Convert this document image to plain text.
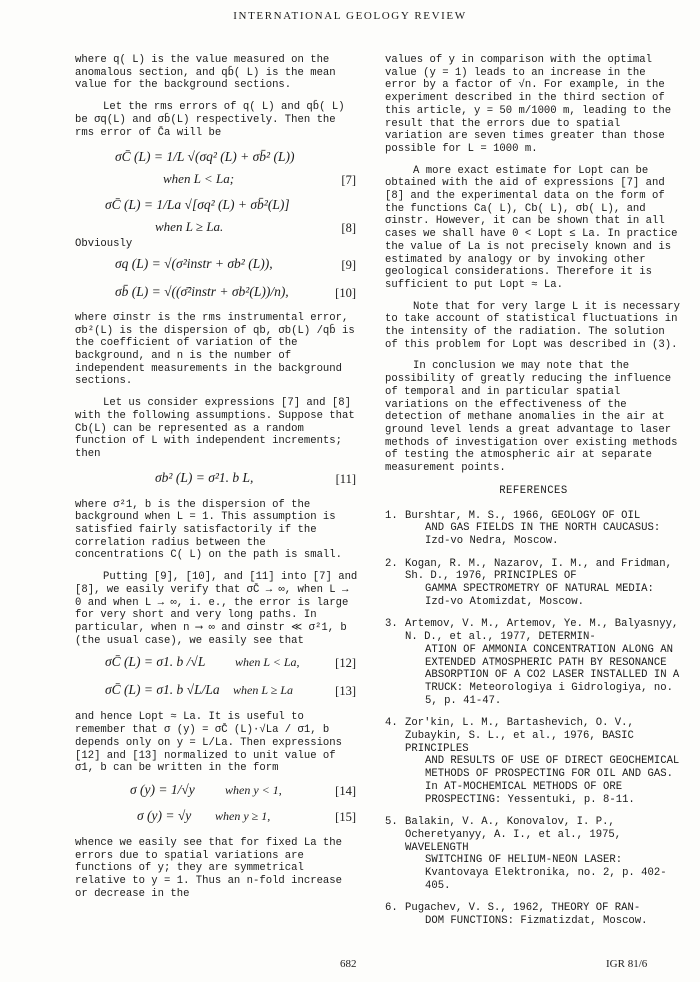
INTERNATIONAL GEOLOGY REVIEW

where q( L) is the value measured on the anomalous section, and qb̄( L) is the mean value for the background sections.

Let the rms errors of q( L) and qb̄( L) be σq(L) and σb̄(L) respectively. Then the rms error of C̄a will be

σC̄ (L) = 1/L √(σq² (L) + σb̄² (L))
when L < La;	[7]
σC̄ (L) = 1/La √[σq² (L) + σb̄²(L)]
when L ≥ La.	[8]

Obviously

σq (L) = √(σ²instr + σb² (L)),	[9]
σb̄ (L) = √((σ̄²instr + σb²(L))/n),	[10]

where σinstr is the rms instrumental error, σb²(L) is the dispersion of qb, σb(L) /qb̄ is the coefficient of variation of the background, and n is the number of independent measurements in the background sections.

Let us consider expressions [7] and [8] with the following assumptions. Suppose that Cb(L) can be represented as a random function of L with independent increments; then

σb² (L) = σ²1. b L,	[11]

where σ²1, b is the dispersion of the background when L = 1. This assumption is satisfied fairly satisfactorily if the correlation radius between the concentrations C( L) on the path is small.

Putting [9], [10], and [11] into [7] and [8], we easily verify that σC̄ → ∞, when L → 0 and when L → ∞, i. e., the error is large for very short and very long paths. In particular, when n ⟶ ∞ and σinstr ≪ σ²1, b (the usual case), we easily see that

σC̄ (L) = σ1. b /√L when L < La,	[12]
σC̄ (L) = σ1. b √L/La when L ≥ La	[13]

and hence Lopt ≈ La. It is useful to remember that σ (y) = σC̄ (L)·√La / σ1, b depends only on y = L/La. Then expressions [12] and [13] normalized to unit value of σ1, b can be written in the form

σ (y) = 1/√y	when y < 1,	[14]
σ (y) = √y when y ≥ 1,	[15]

whence we easily see that for fixed La the errors due to spatial variations are functions of y; they are symmetrical relative to y = 1. Thus an n-fold increase or decrease in the

values of y in comparison with the optimal value (y = 1) leads to an increase in the error by a factor of √n. For example, in the experiment described in the third section of this article, y = 50 m/1000 m, leading to the result that the errors due to spatial variation are seven times greater than those possible for L = 1000 m.

A more exact estimate for Lopt can be obtained with the aid of expressions [7] and [8] and the experimental data on the form of the functions Ca( L), Cb( L), σb( L), and σinstr. However, it can be shown that in all cases we shall have 0 < Lopt ≤ La. In practice the value of La is not precisely known and is estimated by analogy or by invoking other geological considerations. Therefore it is sufficient to put Lopt ≈ La.

Note that for very large L it is necessary to take account of statistical fluctuations in the intensity of the radiation. The solution of this problem for Lopt was described in (3).

In conclusion we may note that the possibility of greatly reducing the influence of temporal and in particular spatial variations on the effectiveness of the detection of methane anomalies in the air at ground level lends a great advantage to laser methods of investigation over existing methods of testing the atmospheric air at separate measurement points.

REFERENCES
1. Burshtar, M. S., 1966, GEOLOGY OF OIL
AND GAS FIELDS IN THE NORTH CAUCASUS: Izd-vo Nedra, Moscow.
2. Kogan, R. M., Nazarov, I. M., and Fridman, Sh. D., 1976, PRINCIPLES OF
GAMMA SPECTROMETRY OF NATURAL MEDIA: Izd-vo Atomizdat, Moscow.
3. Artemov, V. M., Artemov, Ye. M., Balyasnyy, N. D., et al., 1977, DETERMIN-
ATION OF AMMONIA CONCENTRATION ALONG AN EXTENDED ATMOSPHERIC PATH BY RESONANCE ABSORPTION OF A CO2 LASER INSTALLED IN A TRUCK: Meteorologiya i Gidrologiya, no. 5, p. 41-47.
4. Zor'kin, L. M., Bartashevich, O. V., Zubaykin, S. L., et al., 1976, BASIC PRINCIPLES
AND RESULTS OF USE OF DIRECT GEOCHEMICAL METHODS OF PROSPECTING FOR OIL AND GAS. In AT-MOCHEMICAL METHODS OF ORE PROSPECTING: Yessentuki, p. 8-11.
5. Balakin, V. A., Konovalov, I. P., Ocheretyanyy, A. I., et al., 1975, WAVELENGTH
SWITCHING OF HELIUM-NEON LASER: Kvantovaya Elektronika, no. 2, p. 402-405.
6. Pugachev, V. S., 1962, THEORY OF RAN-
DOM FUNCTIONS: Fizmatizdat, Moscow.
682	IGR 81/6
